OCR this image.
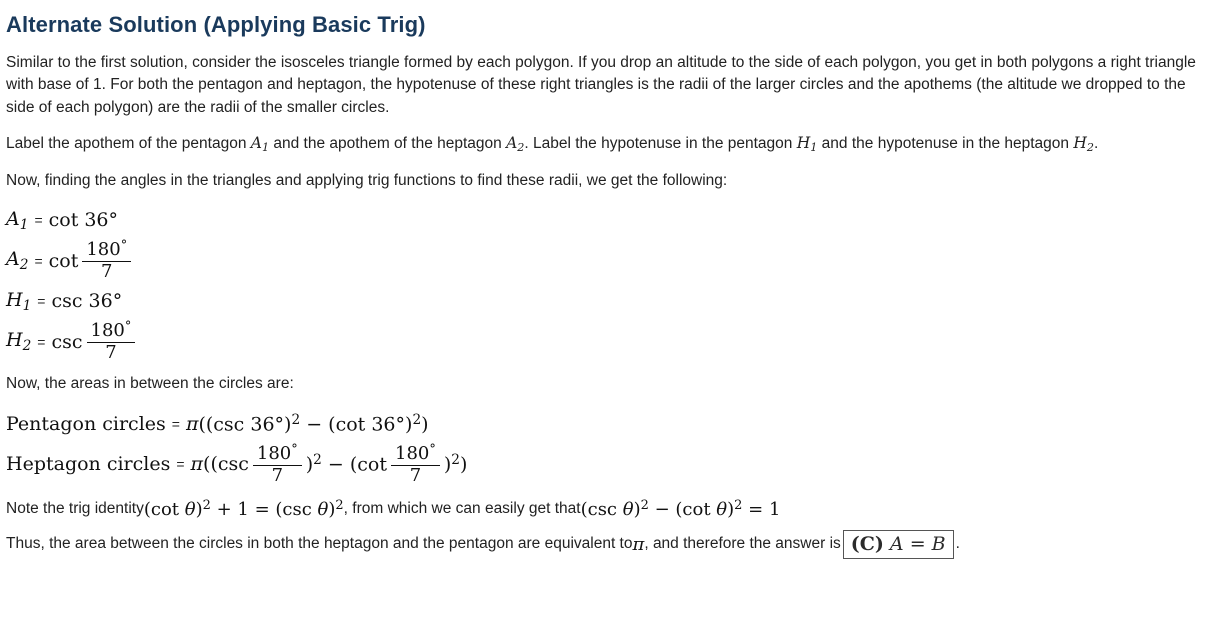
Alternate Solution (Applying Basic Trig)

Similar to the first solution, consider the isosceles triangle formed by each polygon. If you drop an altitude to the side of each polygon, you get in both polygons a right triangle with base of 1. For both the pentagon and heptagon, the hypotenuse of these right triangles is the radii of the larger circles and the apothems (the altitude we dropped to the side of each polygon) are the radii of the smaller circles.

Label the apothem of the pentagon $A_1$ and the apothem of the heptagon $A_2$. Label the hypotenuse in the pentagon $H_1$ and the hypotenuse in the heptagon $H_2$.

Now, finding the angles in the triangles and applying trig functions to find these radii, we get the following:

$A_1 = \cot 36^\circ$
$A_2 = \cot \frac{180^\circ}{7}$
$H_1 = \csc 36^\circ$
$H_2 = \csc \frac{180^\circ}{7}$

Now, the areas in between the circles are:

Pentagon circles = π ((csc 36°)$^2$ − (cot 36°)$^2$)
Heptagon circles = π $((\csc \frac{180^\circ}{7} )^2 - (\cot \frac{180^\circ}{7} )^2)$
Note the trig identity (cot θ)$^2$ + 1 = (csc θ)$^2$ , from which we can easily get that (csc θ)$^2$ − (cot θ)$^2$ = 1
Thus, the area between the circles in both the heptagon and the pentagon are equivalent to π , and therefore the answer is (C) A = B .
